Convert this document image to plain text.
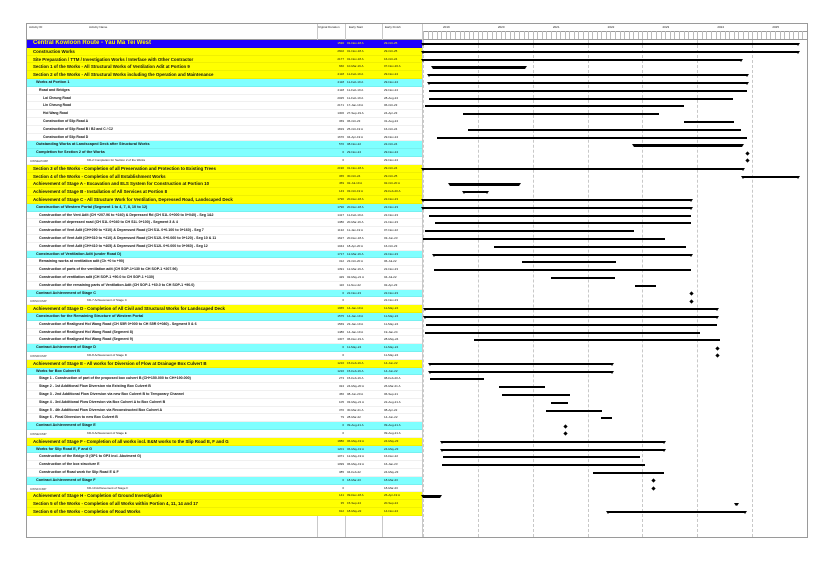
Activity ID	Activity Name	Original Duration	Early Start	Early Finish	2019	2020	2021	2022	2023	2024	2025
Central Kowloon Route - Yau Ma Tei West	1530 01-Nov-18 A	29-Oct-25
Construction Works	2602 01-Nov-18 A	29-Oct-25
Site Preparation / TTM / Investigation Works / Interface with Other Contractor	2177 01-Nov-18 A	16-Oct-24
Section 1 of the Works - All Structural Works of Ventilation Adit at Portion 9	660 10-Mar-19 A	07-Nov-20 A
Section 2 of the Works - All Structural Works including the Operation and Maintenance	2118 11-Feb-19 A	29-Nov-24
Works at Portion 1	2118 11-Feb-19 A	29-Nov-24
Road and Bridges	2118 11-Feb-19 A	29-Nov-24
Lai Cheung Road	2025 11-Feb-19 A	28-Aug-24
Lin Cheung Road	2171 17-Jan-19 A	06-Oct-23
Hoi Wang Road	1306 27-Sep-19 A	24-Apr-23
Construction of Slip Road A	369 06-Oct-23	31-Aug-24
Construction of Slip Road B / B2 and C / C2	1819 25-Oct-19 A	16-Oct-24
Construction of Slip Road D	1676 04-Apr-19 A	29-Nov-24
Outstanding Works at Landscaped Deck after Structural Works	570 08-Nov-22	22-Oct-24
Completion for Section 2 of the Works	0 29-Nov-24	29-Nov-24
CWSE2/CMP	KD-2 Completion for Section 2 of the Works	0	29-Nov-24
Section 3 of the Works - Completion of all Preservation and Protection to Existing Trees	2190 01-Nov-18 A	29-Oct-24
Section 4 of the Works - Completion of all Establishment Works	365 30-Oct-24	29-Oct-25
Achievement of Stage A - Excavation and ELS System for Construction at Portion 10	459 02-Jul-19 A	02-Oct-20 A
Achievement of Stage B - Installation of All Services at Portion 8	143 03-Oct-19 A	29-Feb-20 A
Achievement of Stage C - All Structure Work for Ventilation, Depressed Road, Landscaped Deck	1790 20-Dec-18 A	22-Nov-23
Construction of Western Portal (Segment 1 to 4, 7, 8, 10 to 12)	1790 20-Dec-18 A	22-Nov-23
Construction of the Vent Adit (CH +207.96 to +240) & Depressed Rd (CH S1L 0+000 to 0+040) - Seg 1&2	1417 11-Feb-19 A	22-Nov-23
Construction of depressed road (CH S1L 0+040 to CH S1L 0+100) - Segment 3 & 4	1380 20-Mar-19 A	21-Nov-23
Construction of Vent Adit (CH+290 to +310) & Depressed Road (CH S1L 0+0.100 to 0+160) - Seg 7	1132 11-Jan-19 A	07-Nov-22
Construction of Vent Adit (CH+310 to +410) & Depressed Road (CH S12L 0+0.060 to 0+120) - Seg 10 & 11	1627 20-Dec-18 A	03-Jun-23
Construction of Vent Adit (CH+410 to +465) & Depressed Road (CH S12L 0+0.000 to 0+060) - Seg 12	1044 18-Apr-20 A	16-Oct-23
Construction of Ventilation Adit (under Road D)	1717 12-Mar-19 A	22-Nov-23
Remaining works at ventilation adit (Ch +0 to +90)	312 23-Oct-20 A	06-Jul-22
Construction of parts of the ventilation adit (CH SOP-1+130 to CH SOP-1 +207.96)	1391 12-Mar-19 A	22-Nov-23
Construction of ventilation adit (CH SOP-1 +90.0 to CH SOP-1 +130)	429 02-May-21 A	04-Jul-22
Construction of the remaining parts of Ventilation Adit (CH SOP-1 +60.0 to CH SOP-1 +90.0)	116 11-Nov-22	02-Apr-23
Contract Achievement of Stage C	0 22-Nov-23	22-Nov-23
CWSC/CMP	KD-7 Achievement of Stage C	0	22-Nov-23
Achievement of Stage D - Completion of All Civil and Structural Works for Landscaped Deck	1965 14-Jan-19 A	11-May-24
Construction for the Remaining Structure of Western Portal	1575 14-Jan-19 A	11-May-24
Construction of Realigned Hoi Wang Road (CH S5R 0+000 to CH S5R 0+080) - Segment 5 & 6	1569 23-Jan-19 A	11-May-24
Construction of Realigned Hoi Wang Road (Segment 8)	1486 14-Jan-19 A	19-Jan-24
Construction of Realigned Hoi Wang Road (Segment 9)	1307 06-Dec-19 A	28-May-24
Contract Achievement of Stage D	0 11-May-24	11-May-24
CWSD/CMP	KD-8 Achievement of Stage D	0	11-May-24
Achievement of Stage E - All works for Diversion of Flow at Drainage Box Culvert B	1216 15-Feb-19 A	14-Jun-22
Works for Box Culvert B	1216 15-Feb-19 A	14-Jun-22
Stage 1 - Construction of part of the proposed box culvert B (CH+150.000 to CH+190.000)	273 15-Feb-19 A	08-Feb-20 A
Stage 2 - 1st Additional Flow Diversion via Existing Box Culvert B	324 24-May-20 A	26-Mar-21 A
Stage 3 - 2nd Additional Flow Diversion via new Box Culvert B to Temporary Channel	456 08-Jun-20 A	06-Sep-21
Stage 4 - 3rd Additional Flow Diversion via Box Culvert A to Box Culvert B	105 03-May-21 A	22-Aug-21 A
Stage 5 - 4th Additional Flow Diversion via Reconstructed Box Culvert A	370 30-Mar-21 A	08-Apr-22
Stage 6 - Final Diversion to new Box Culvert B	79 28-Mar-22	14-Jun-22
Contract Achievement of Stage E	0 09-Aug-21 A	09-Aug-21 A
CWSE/CMP	KD-9 Achievement of Stage E	0	09-Aug-21 A
Achievement of Stage F - Completion of all works incl. E&M works to the Slip Road E, F and G	1880 06-May-19 A	24-May-23
Works for Slip Road E, F and G	1201 06-May-19 A	24-May-23
Construction of the Bridge G (GP1 to GP3 incl. Abutment G)	1071 12-May-19 A	16-Dec-22
Construction of the box structure E	1099 06-May-19 A	16-Jan-23
Construction of Road work for Slip Road E & F	385 04-Feb-22	24-May-23
Contract Achievement of Stage F	0 18-Mar-23	18-Mar-23
CWSF/CMP	KD-10 Achievement of Stage F	0	18-Mar-23
Achievement of Stage H - Completion of Ground Investigation	141 09-Dec-18 A	26-Apr-19 A
Section 5 of the Works - Completion of all Works within Portion 4, 11, 14 and 17	35 15-Sep-24	20-Sep-24
Section 6 of the Works - Completion of Road Works	912 18-May-22	14-Nov-24
